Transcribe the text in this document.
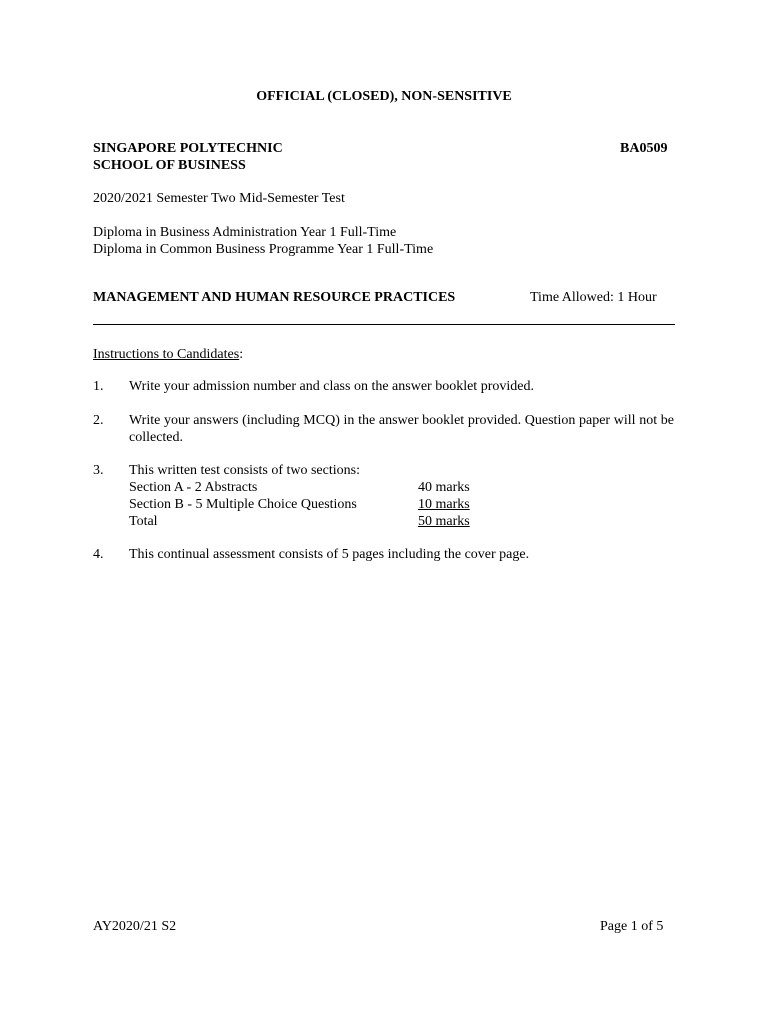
OFFICIAL (CLOSED), NON-SENSITIVE
SINGAPORE POLYTECHNIC
SCHOOL OF BUSINESS
BA0509
2020/2021 Semester Two Mid-Semester Test
Diploma in Business Administration Year 1 Full-Time
Diploma in Common Business Programme Year 1 Full-Time
MANAGEMENT AND HUMAN RESOURCE PRACTICES	Time Allowed: 1 Hour
Instructions to Candidates:
1. Write your admission number and class on the answer booklet provided.
2. Write your answers (including MCQ) in the answer booklet provided. Question paper will not be collected.
3. This written test consists of two sections:
Section A - 2 Abstracts	40 marks
Section B - 5 Multiple Choice Questions	10 marks
Total	50 marks
4. This continual assessment consists of 5 pages including the cover page.
AY2020/21 S2	Page 1 of 5
